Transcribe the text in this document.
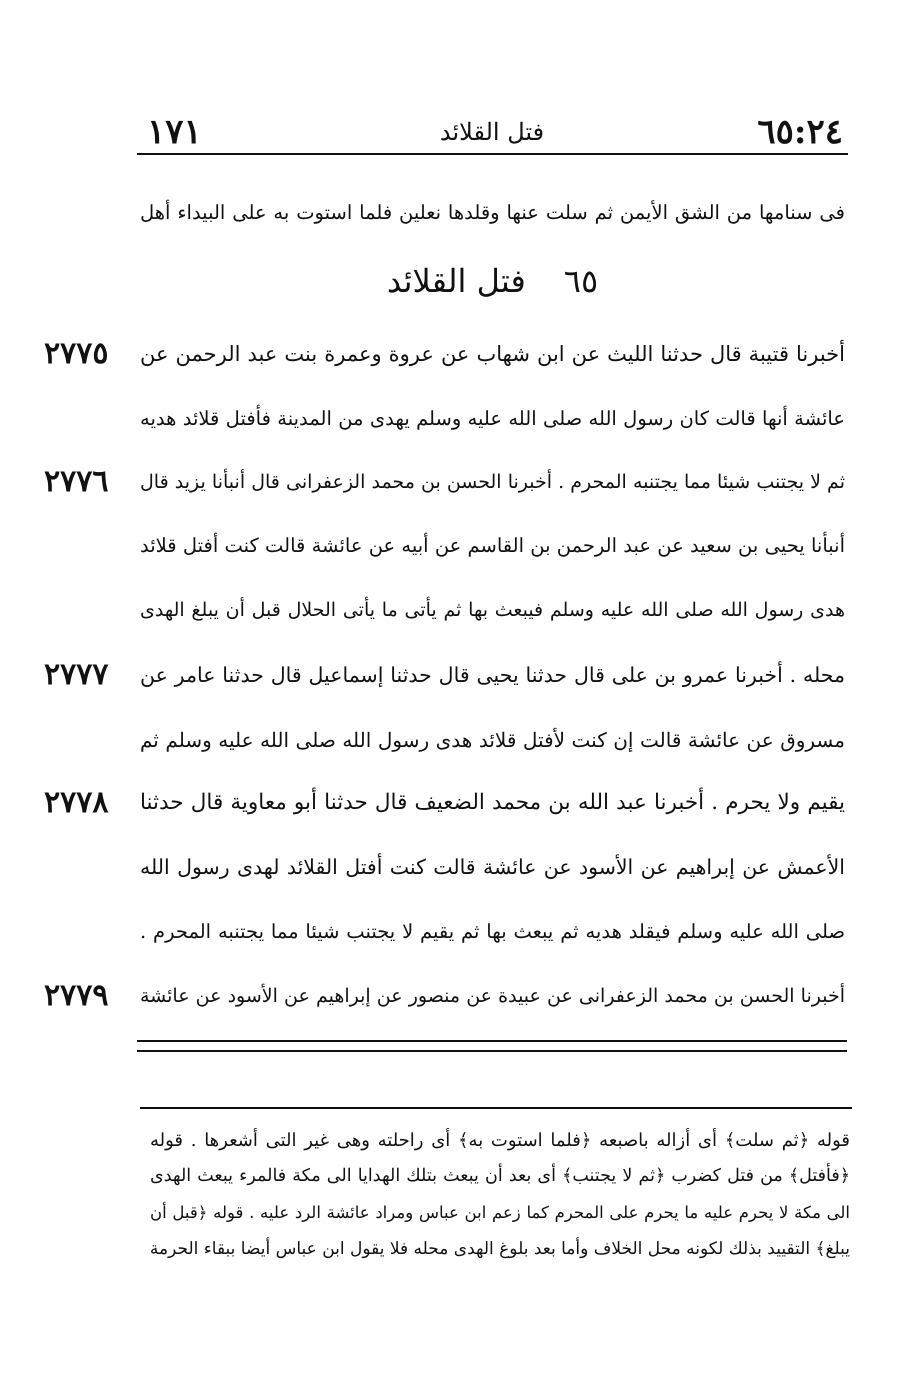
١٧١	فتل القلائد	٦٥:٢٤
فى سنامها من الشق الأيمن ثم سلت عنها وقلدها نعلين فلما استوت به على البيداء أهل
٦٥فتل القلائد
أخبرنا قتيبة قال حدثنا الليث عن ابن شهاب عن عروة وعمرة بنت عبد الرحمن عن
عائشة أنها قالت كان رسول الله صلى الله عليه وسلم يهدى من المدينة فأفتل قلائد هديه
ثم لا يجتنب شيئا مما يجتنبه المحرم . أخبرنا الحسن بن محمد الزعفرانى قال أنبأنا يزيد قال
أنبأنا يحيى بن سعيد عن عبد الرحمن بن القاسم عن أبيه عن عائشة قالت كنت أفتل قلائد
هدى رسول الله صلى الله عليه وسلم فيبعث بها ثم يأتى ما يأتى الحلال قبل أن يبلغ الهدى
محله . أخبرنا عمرو بن على قال حدثنا يحيى قال حدثنا إسماعيل قال حدثنا عامر عن
مسروق عن عائشة قالت إن كنت لأفتل قلائد هدى رسول الله صلى الله عليه وسلم ثم
يقيم ولا يحرم . أخبرنا عبد الله بن محمد الضعيف قال حدثنا أبو معاوية قال حدثنا
الأعمش عن إبراهيم عن الأسود عن عائشة قالت كنت أفتل القلائد لهدى رسول الله
صلى الله عليه وسلم فيقلد هديه ثم يبعث بها ثم يقيم لا يجتنب شيئا مما يجتنبه المحرم .
أخبرنا الحسن بن محمد الزعفرانى عن عبيدة عن منصور عن إبراهيم عن الأسود عن عائشة
٢٧٧٥
٢٧٧٦
٢٧٧٧
٢٧٧٨
٢٧٧٩
قوله ﴿ثم سلت﴾ أى أزاله باصبعه ﴿فلما استوت به﴾ أى راحلته وهى غير التى أشعرها . قوله
﴿فأفتل﴾ من فتل كضرب ﴿ثم لا يجتنب﴾ أى بعد أن يبعث بتلك الهدايا الى مكة فالمرء يبعث الهدى
الى مكة لا يحرم عليه ما يحرم على المحرم كما زعم ابن عباس ومراد عائشة الرد عليه . قوله ﴿قبل أن
يبلغ﴾ التقييد بذلك لكونه محل الخلاف وأما بعد بلوغ الهدى محله فلا يقول ابن عباس أيضا ببقاء الحرمة
